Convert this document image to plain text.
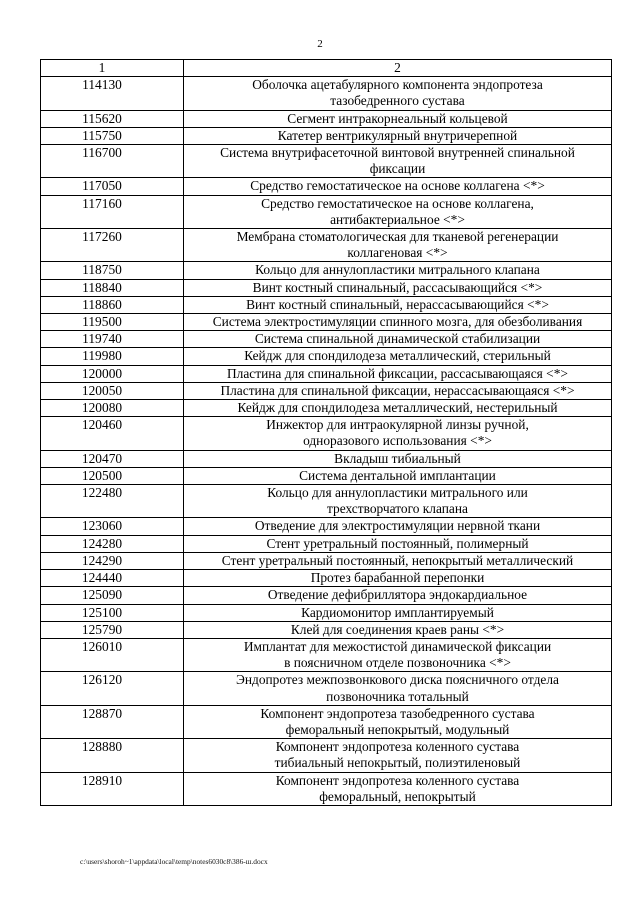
2
1	2
114130	Оболочка ацетабулярного компонента эндопротеза
тазобедренного сустава

115620	Сегмент интракорнеальный кольцевой

115750	Катетер вентрикулярный внутричерепной

116700	Система внутрифасеточной винтовой внутренней спинальной
фиксации

117050	Средство гемостатическое на основе коллагена <*>

117160	Средство гемостатическое на основе коллагена,
антибактериальное <*>

117260	Мембрана стоматологическая для тканевой регенерации
коллагеновая <*>

118750	Кольцо для аннулопластики митрального клапана

118840	Винт костный спинальный, рассасывающийся <*>

118860	Винт костный спинальный, нерассасывающийся <*>

119500	Система электростимуляции спинного мозга, для обезболивания

119740	Система спинальной динамической стабилизации

119980	Кейдж для спондилодеза металлический, стерильный

120000	Пластина для спинальной фиксации, рассасывающаяся <*>

120050	Пластина для спинальной фиксации, нерассасывающаяся <*>

120080	Кейдж для спондилодеза металлический, нестерильный

120460	Инжектор для интраокулярной линзы ручной,
одноразового использования <*>

120470	Вкладыш тибиальный

120500	Система дентальной имплантации

122480	Кольцо для аннулопластики митрального или
трехстворчатого клапана

123060	Отведение для электростимуляции нервной ткани

124280	Стент уретральный постоянный, полимерный

124290	Стент уретральный постоянный, непокрытый металлический

124440	Протез барабанной перепонки

125090	Отведение дефибриллятора эндокардиальное

125100	Кардиомонитор имплантируемый

125790	Клей для соединения краев раны <*>

126010	Имплантат для межостистой динамической фиксации
в поясничном отделе позвоночника <*>

126120	Эндопротез межпозвонкового диска поясничного отдела
позвоночника тотальный

128870	Компонент эндопротеза тазобедренного сустава
феморальный непокрытый, модульный

128880	Компонент эндопротеза коленного сустава
тибиальный непокрытый, полиэтиленовый

128910	Компонент эндопротеза коленного сустава
феморальный, непокрытый
c:\users\shoroh~1\appdata\local\temp\notes6030c8\386-ш.docx
